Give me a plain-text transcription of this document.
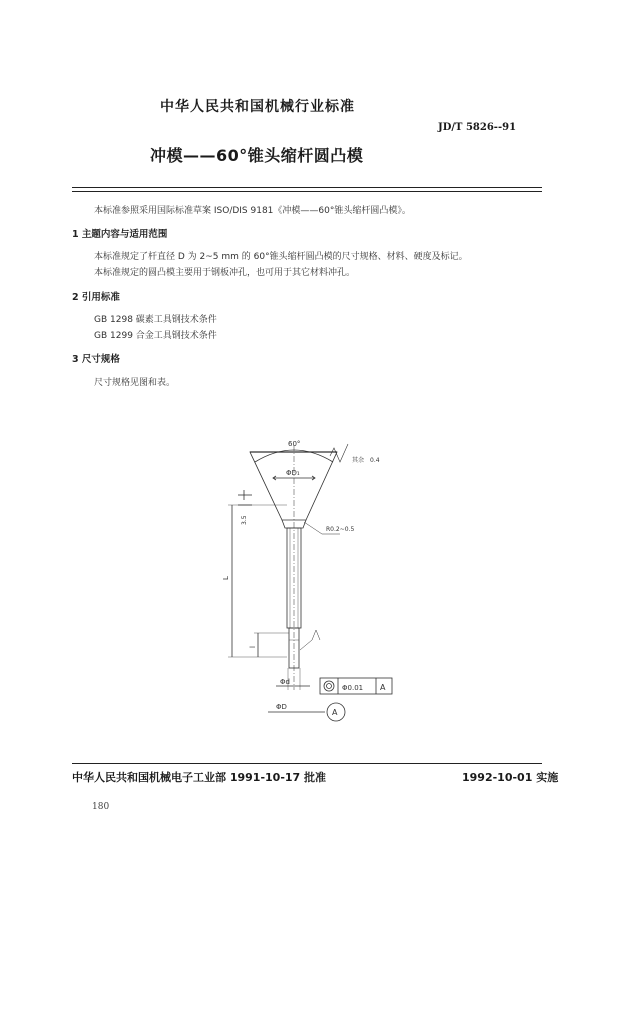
中华人民共和国机械行业标准
JD/T 5826--91
冲模——60°锥头缩杆圆凸模
本标准参照采用国际标准草案 ISO/DIS 9181《冲模——60°锥头缩杆圆凸模》。
1 主题内容与适用范围
本标准规定了杆直径 D 为 2~5 mm 的 60°锥头缩杆圆凸模的尺寸规格、材料、硬度及标记。
本标准规定的圆凸模主要用于钢板冲孔，也可用于其它材料冲孔。
2 引用标准
GB 1298 碳素工具钢技术条件
GB 1299 合金工具钢技术条件
3 尺寸规格
尺寸规格见图和表。
60°
其余 0.4
ΦD₁
R0.2~0.5
3.5
L
l
Φd
ΦD
Φ0.01 A
A
中华人民共和国机械电子工业部 1991-10-17 批准	1992-10-01 实施
180
